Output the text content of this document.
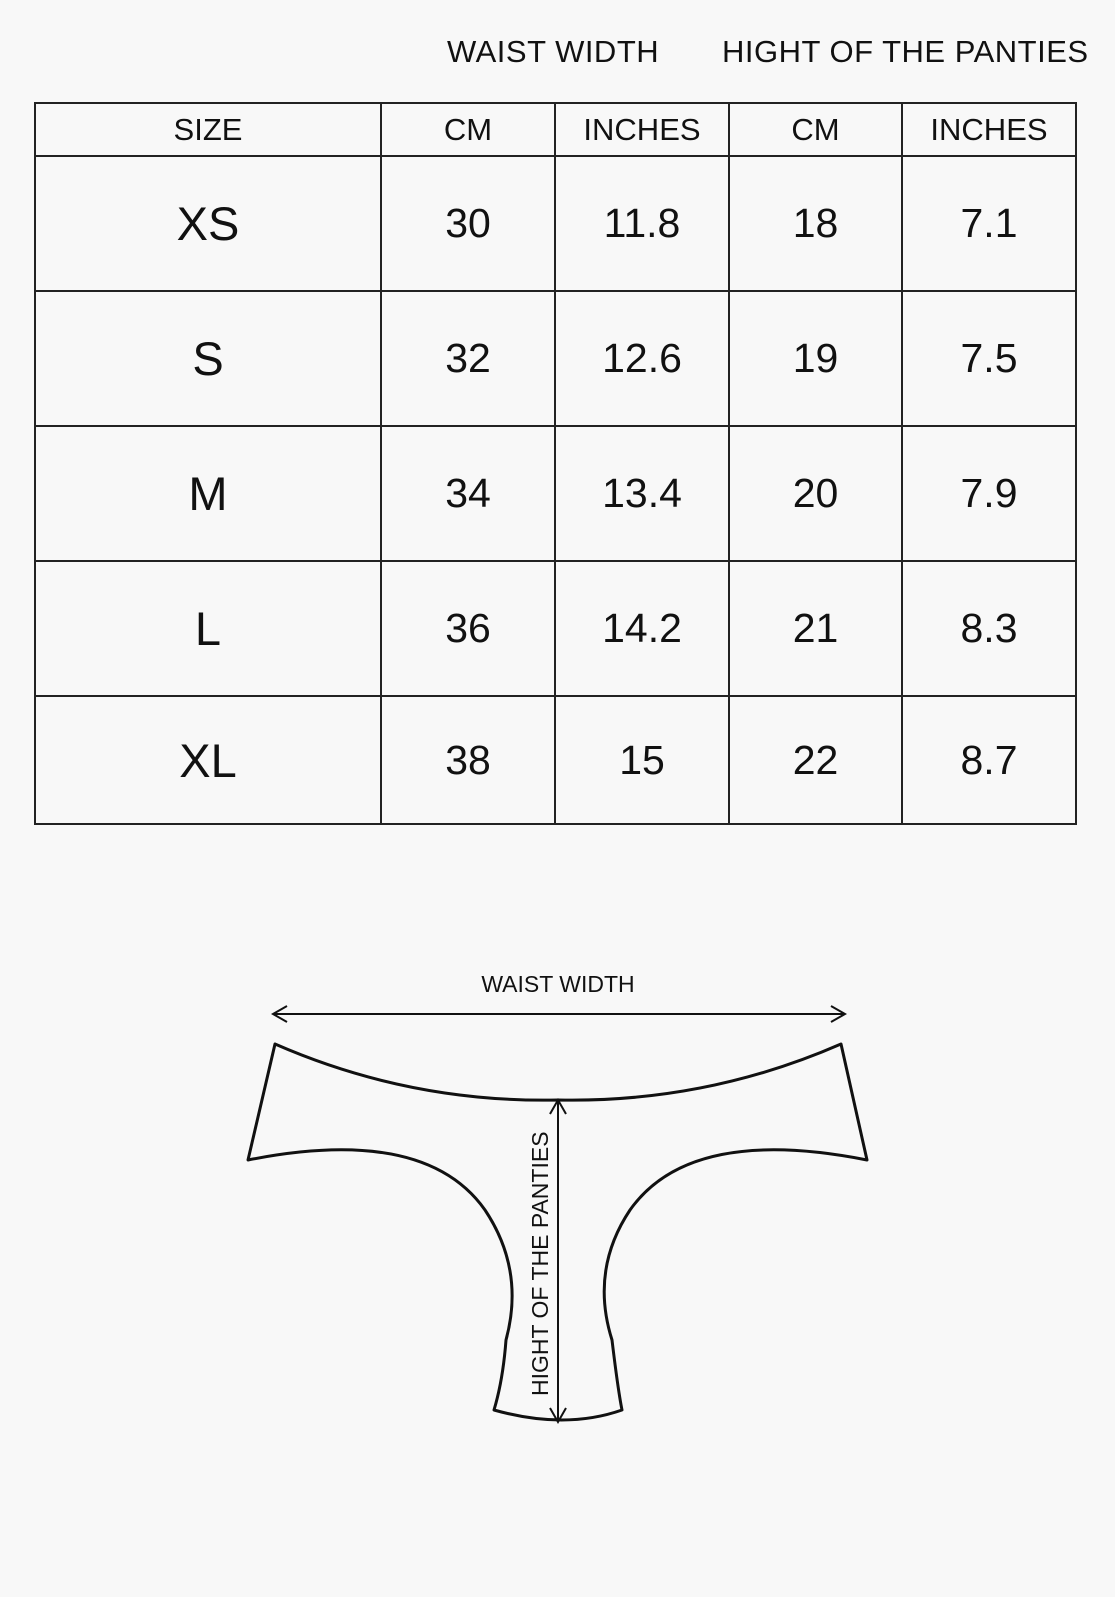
WAIST WIDTH HIGHT OF THE PANTIES
SIZE	CM	INCHES	CM	INCHES
XS	30	11.8	18	7.1
S	32	12.6	19	7.5
M	34	13.4	20	7.9
L	36	14.2	21	8.3
XL	38	15	22	8.7
WAIST WIDTH
HIGHT OF THE PANTIES
